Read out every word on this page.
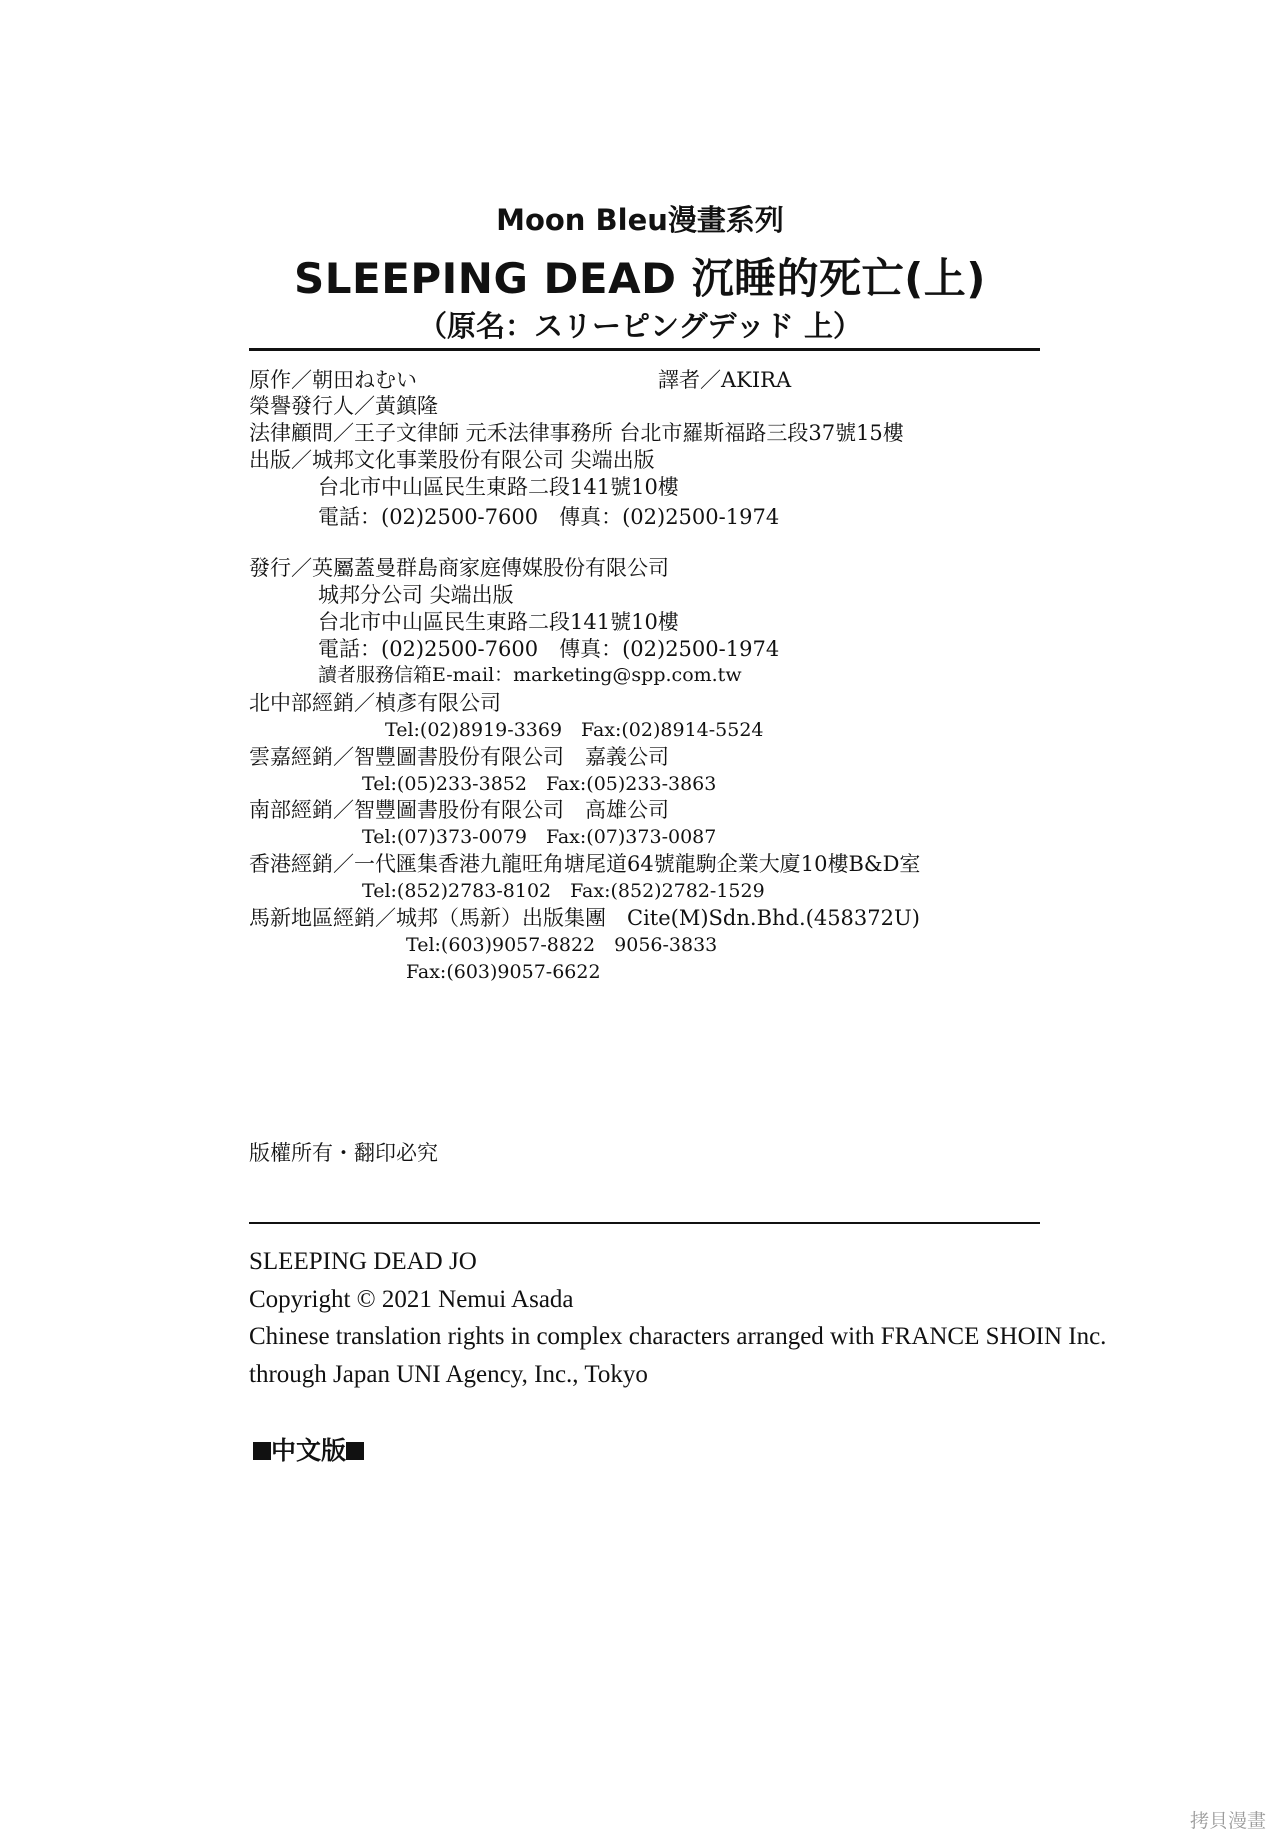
Moon Bleu漫畫系列
SLEEPING DEAD 沉睡的死亡(上)
（原名：スリーピングデッド 上）
原作／朝田ねむい	譯者／AKIRA
榮譽發行人／黃鎮隆
法律顧問／王子文律師 元禾法律事務所 台北市羅斯福路三段37號15樓
出版／城邦文化事業股份有限公司 尖端出版
台北市中山區民生東路二段141號10樓
電話：(02)2500-7600　傳真：(02)2500-1974
發行／英屬蓋曼群島商家庭傳媒股份有限公司
城邦分公司 尖端出版
台北市中山區民生東路二段141號10樓
電話：(02)2500-7600　傳真：(02)2500-1974
讀者服務信箱E-mail：marketing@spp.com.tw
北中部經銷／楨彥有限公司
Tel:(02)8919-3369　Fax:(02)8914-5524
雲嘉經銷／智豐圖書股份有限公司　嘉義公司
Tel:(05)233-3852　Fax:(05)233-3863
南部經銷／智豐圖書股份有限公司　高雄公司
Tel:(07)373-0079　Fax:(07)373-0087
香港經銷／一代匯集香港九龍旺角塘尾道64號龍駒企業大廈10樓B&D室
Tel:(852)2783-8102　Fax:(852)2782-1529
馬新地區經銷／城邦（馬新）出版集團　Cite(M)Sdn.Bhd.(458372U)
Tel:(603)9057-8822　9056-3833
Fax:(603)9057-6622
版權所有・翻印必究
SLEEPING DEAD JO
Copyright © 2021 Nemui Asada
Chinese translation rights in complex characters arranged with FRANCE SHOIN Inc.
through Japan UNI Agency, Inc., Tokyo
中文版
拷貝漫畫
